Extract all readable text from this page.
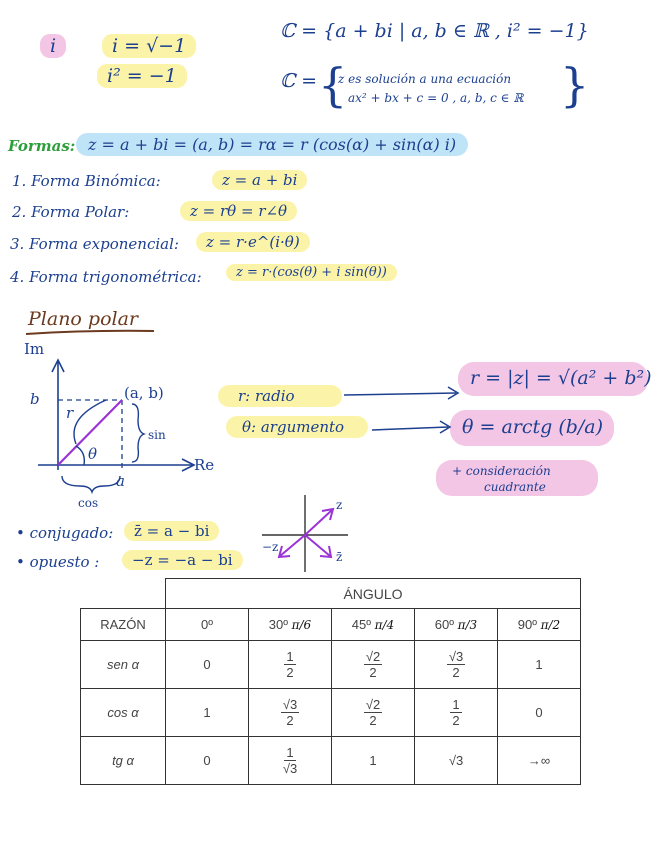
i	i = √−1
i² = −1
ℂ = {a + bi | a, b ∈ ℝ , i² = −1}
ℂ = {
z es solución a una ecuación
ax² + bx + c = 0 , a, b, c ∈ ℝ }
Formas: z = a + bi = (a, b) = rα = r (cos(α) + sin(α) i)
1. Forma Binómica:	z = a + bi
2. Forma Polar:	z = rθ = r∠θ
3. Forma exponencial:	z = r·e^(i·θ)
4. Forma trigonométrica:	z = r·(cos(θ) + i sin(θ))
Plano polar
Im
Re
b
a
(a, b)
r
θ
sin
cos
r: radio
θ: argumento
r = |z| = √(a² + b²)
θ = arctg (b/a)
+ consideración
cuadrante
• conjugado:	z̄ = a − bi
• opuesto :	−z = −a − bi
z
−z
z̄
	ÁNGULO				
RAZÓN	0º	30º π/6	45º π/4	60º π/3	90º π/2
sen α	0	$\frac{1}{2}$	$\frac{√2}{2}$	$\frac{√3}{2}$	1
cos α	1	$\frac{√3}{2}$	$\frac{√2}{2}$	$\frac{1}{2}$	0
tg α	0	$\frac{1}{√3}$	1	√3	→∞
